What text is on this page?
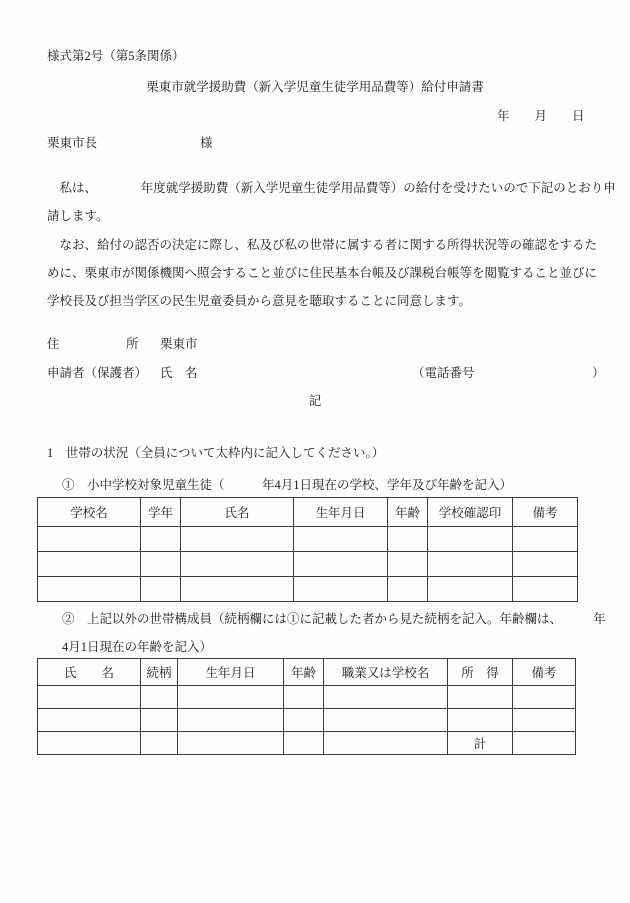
様式第2号（第5条関係）
栗東市就学援助費（新入学児童生徒学用品費等）給付申請書
年　　月　　日
栗東市長	様
　私は、　　　　年度就学援助費（新入学児童生徒学用品費等）の給付を受けたいので下記のとおり申
請します。
　なお、給付の認否の決定に際し、私及び私の世帯に属する者に関する所得状況等の確認をするた
めに、栗東市が関係機関へ照会すること並びに住民基本台帳及び課税台帳等を閲覧すること並びに
学校長及び担当学区の民生児童委員から意見を聴取することに同意します。
住	所 栗東市
申請者（保護者） 氏　名	（電話番号	）
記
1　世帯の状況（全員について太枠内に記入してください。）
①　小中学校対象児童生徒（　　　年4月1日現在の学校、学年及び年齢を記入）
学校名	学年	氏名	生年月日	年齢	学校確認印	備考

②　上記以外の世帯構成員（続柄欄には①に記載した者から見た続柄を記入。年齢欄は、　　　年
4月1日現在の年齢を記入）
氏　　名	続柄	生年月日	年齢	職業又は学校名	所　得	備考

					計	
